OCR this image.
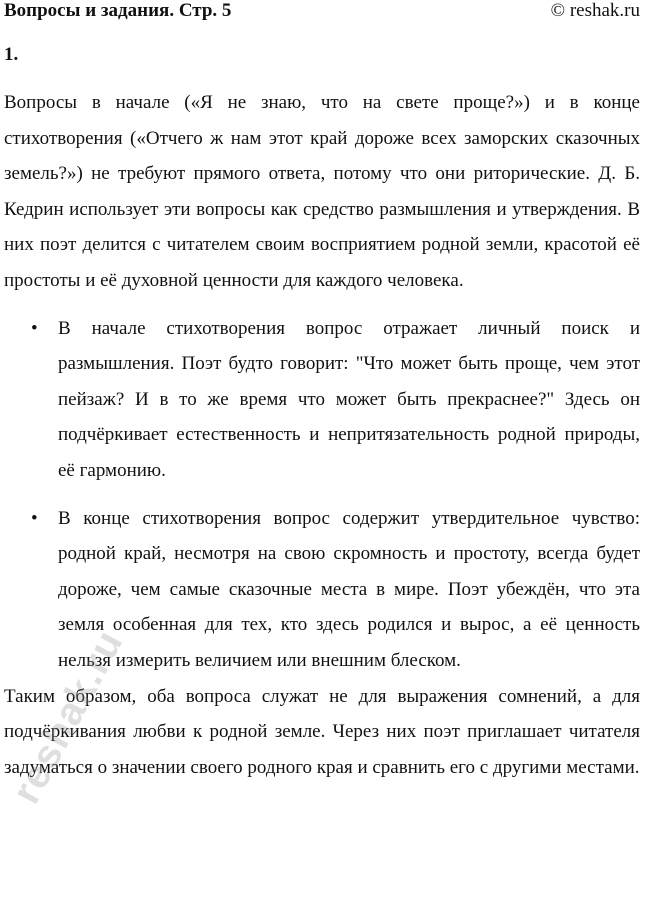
Вопросы и задания. Стр. 5	© reshak.ru
1.

Вопросы в начале («Я не знаю, что на свете проще?») и в конце стихотворения («Отчего ж нам этот край дороже всех заморских сказочных земель?») не требуют прямого ответа, потому что они риторические. Д. Б. Кедрин использует эти вопросы как средство размышления и утверждения. В них поэт делится с читателем своим восприятием родной земли, красотой её простоты и её духовной ценности для каждого человека.

• В начале стихотворения вопрос отражает личный поиск и размышления. Поэт будто говорит: "Что может быть проще, чем этот пейзаж? И в то же время что может быть прекраснее?" Здесь он подчёркивает естественность и непритязательность родной природы, её гармонию.
• В конце стихотворения вопрос содержит утвердительное чувство: родной край, несмотря на свою скромность и простоту, всегда будет дороже, чем самые сказочные места в мире. Поэт убеждён, что эта земля особенная для тех, кто здесь родился и вырос, а её ценность нельзя измерить величием или внешним блеском.

Таким образом, оба вопроса служат не для выражения сомнений, а для подчёркивания любви к родной земле. Через них поэт приглашает читателя задуматься о значении своего родного края и сравнить его с другими местами.

reshak.ru
